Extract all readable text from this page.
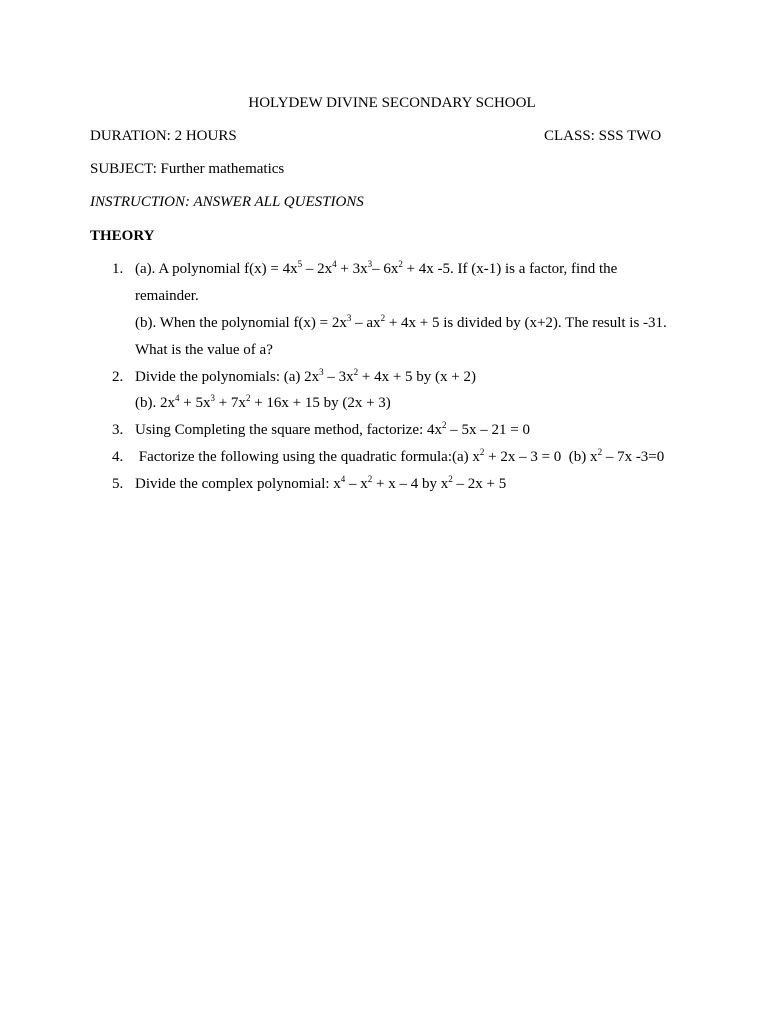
HOLYDEW DIVINE SECONDARY SCHOOL
DURATION: 2 HOURS	CLASS: SSS TWO
SUBJECT: Further mathematics
INSTRUCTION: ANSWER ALL QUESTIONS
THEORY
1. (a). A polynomial $f(x) = 4x^5 - 2x^4 + 3x^3-$ $6x^2 + 4x$ -5. If (x-1) is a factor, find the
remainder.
(b). When the polynomial $f(x) = 2x^3 - ax^2 + 4x + 5$ is divided by (x+2). The result is -31.
What is the value of a?
2. Divide the polynomials: (a) $2x^3 - 3x^2 + 4x + 5$ by (x + 2)
(b). $2x^4 + 5x^3 + 7x^2 + 16x + 15$ by (2x + 3)
3. Using Completing the square method, factorize: $4x^2 - 5x - 21 = 0$
4. Factorize the following using the quadratic formula:(a) $x^2 + 2x - 3 = 0$  (b) $x^2 - 7x$ -3=0
5. Divide the complex polynomial: $x^4 - x^2 + x - 4$ by $x^2 - 2x + 5$
